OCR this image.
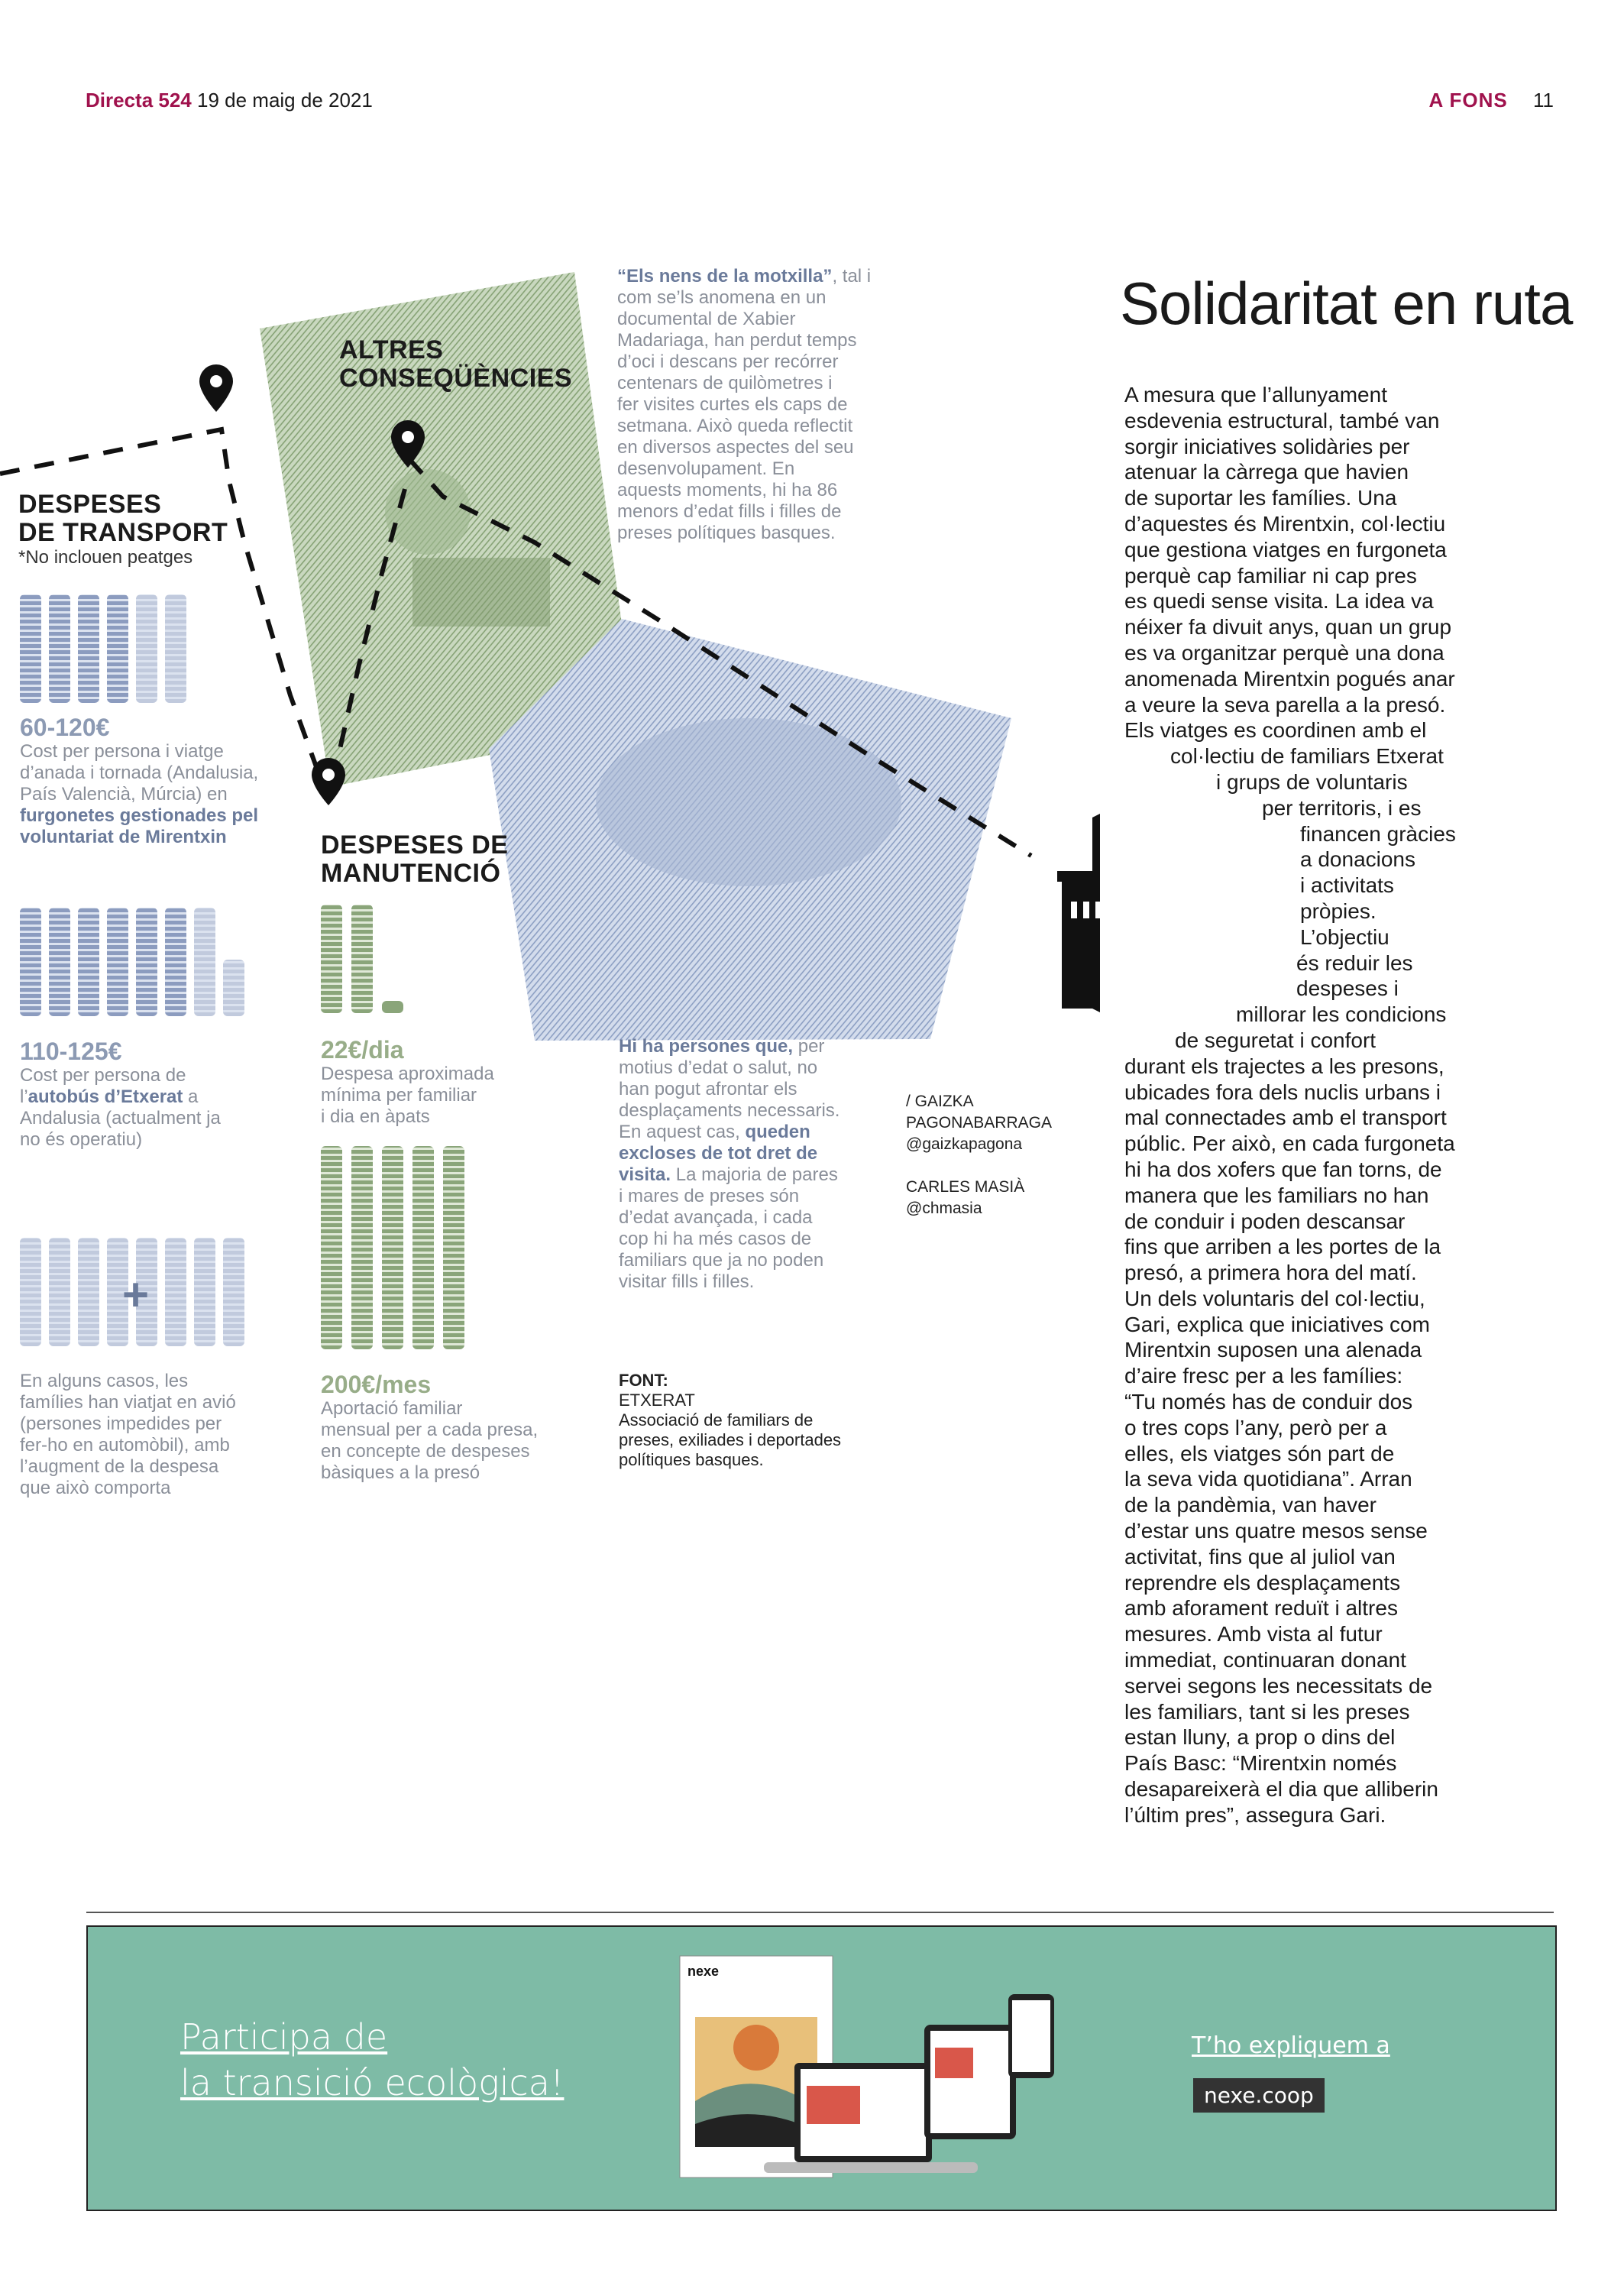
Directa 524 19 de maig de 2021	A FONS 11
DESPESES
DE TRANSPORT
*No inclouen peatges
60-120€
Cost per persona i viatge
d’anada i tornada (Andalusia,
País Valencià, Múrcia) en
furgonetes gestionades pel
voluntariat de Mirentxin
110-125€
Cost per persona de
l’autobús d’Etxerat a
Andalusia (actualment ja
no és operatiu)
En alguns casos, les
famílies han viatjat en avió
(persones impedides per
fer-ho en automòbil), amb
l’augment de la despesa
que això comporta
+
ALTRES
CONSEQÜÈNCIES
“Els nens de la motxilla”, tal i
com se’ls anomena en un
documental de Xabier
Madariaga, han perdut temps
d’oci i descans per recórrer
centenars de quilòmetres i
fer visites curtes els caps de
setmana. Això queda reflectit
en diversos aspectes del seu
desenvolupament. En
aquests moments, hi ha 86
menors d’edat fills i filles de
preses polítiques basques.
DESPESES DE
MANUTENCIÓ
22€/dia
Despesa aproximada
mínima per familiar
i dia en àpats
200€/mes
Aportació familiar
mensual per a cada presa,
en concepte de despeses
bàsiques a la presó
Hi ha persones que, per
motius d’edat o salut, no
han pogut afrontar els
desplaçaments necessaris.
En aquest cas, queden
excloses de tot dret de
visita. La majoria de pares
i mares de preses són
d’edat avançada, i cada
cop hi ha més casos de
familiars que ja no poden
visitar fills i filles.
FONT:
ETXERAT
Associació de familiars de
preses, exiliades i deportades
polítiques basques.
/ GAIZKA
PAGONABARRAGA
@gaizkapagona
CARLES MASIÀ
@chmasia
Solidaritat en ruta
A mesura que l’allunyament
esdevenia estructural, també van
sorgir iniciatives solidàries per
atenuar la càrrega que havien
de suportar les famílies. Una
d’aquestes és Mirentxin, col·lectiu
que gestiona viatges en furgoneta
perquè cap familiar ni cap pres
es quedi sense visita. La idea va
néixer fa divuit anys, quan un grup
es va organitzar perquè una dona
anomenada Mirentxin pogués anar
a veure la seva parella a la presó.
Els viatges es coordinen amb el
col·lectiu de familiars Etxerat
i grups de voluntaris
per territoris, i es
financen gràcies
a donacions
i activitats
pròpies.
L’objectiu
és reduir les
despeses i
millorar les condicions
de seguretat i confort
durant els trajectes a les presons,
ubicades fora dels nuclis urbans i
mal connectades amb el transport
públic. Per això, en cada furgoneta
hi ha dos xofers que fan torns, de
manera que les familiars no han
de conduir i poden descansar
fins que arriben a les portes de la
presó, a primera hora del matí.
Un dels voluntaris del col·lectiu,
Gari, explica que iniciatives com
Mirentxin suposen una alenada
d’aire fresc per a les famílies:
“Tu només has de conduir dos
o tres cops l’any, però per a
elles, els viatges són part de
la seva vida quotidiana”. Arran
de la pandèmia, van haver
d’estar uns quatre mesos sense
activitat, fins que al juliol van
reprendre els desplaçaments
amb aforament reduït i altres
mesures. Amb vista al futur
immediat, continuaran donant
servei segons les necessitats de
les familiars, tant si les preses
estan lluny, a prop o dins del
País Basc: “Mirentxin només
desapareixerà el dia que alliberin
l’últim pres”, assegura Gari.
Participa de
la transició ecològica!
nexe
T’ho expliquem a
nexe.coop
